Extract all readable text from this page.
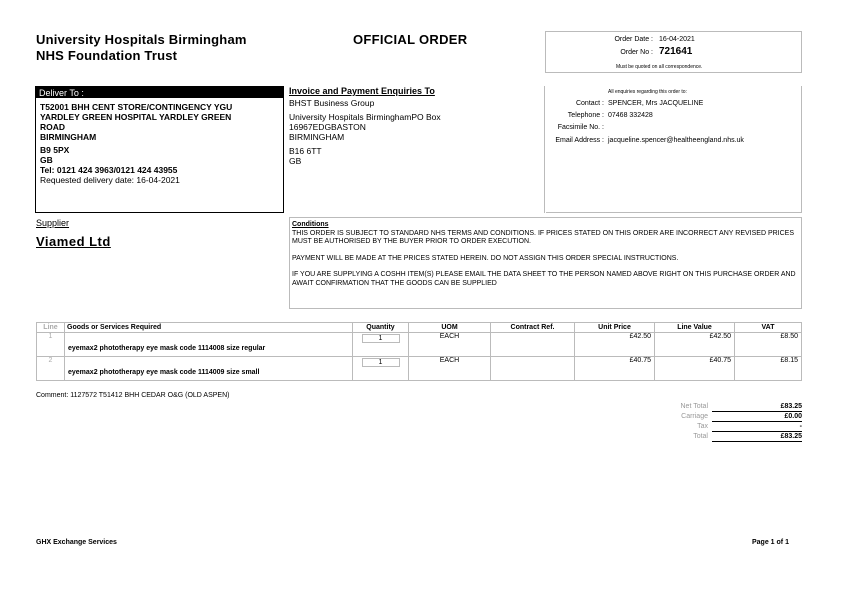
University Hospitals Birmingham
NHS Foundation Trust
OFFICIAL ORDER	Order Date : 16-04-2021
Order No : 721641
Must be quoted on all correspondence.
Deliver To :
T52001 BHH CENT STORE/CONTINGENCY YGU
YARDLEY GREEN HOSPITAL YARDLEY GREEN
ROAD
BIRMINGHAM
B9 5PX
GB
Tel: 0121 424 3963/0121 424 43955
Requested delivery date: 16-04-2021
Invoice and Payment Enquiries To
BHST Business Group
University Hospitals BirminghamPO Box
16967EDGBASTON
BIRMINGHAM
B16 6TT
GB
All enquiries regarding this order to:
Contact : SPENCER, Mrs JACQUELINE
Telephone : 07468 332428
Facsimile No. :
Email Address : jacqueline.spencer@healtheengland.nhs.uk
Supplier
Viamed Ltd
Conditions
THIS ORDER IS SUBJECT TO STANDARD NHS TERMS AND CONDITIONS. IF PRICES STATED ON THIS ORDER ARE INCORRECT ANY REVISED PRICES MUST BE AUTHORISED BY THE BUYER PRIOR TO ORDER EXECUTION.
PAYMENT WILL BE MADE AT THE PRICES STATED HEREIN. DO NOT ASSIGN THIS ORDER SPECIAL INSTRUCTIONS.
IF YOU ARE SUPPLYING A COSHH ITEM(S) PLEASE EMAIL THE DATA SHEET TO THE PERSON NAMED ABOVE RIGHT ON THIS PURCHASE ORDER AND AWAIT CONFIRMATION THAT THE GOODS CAN BE SUPPLIED
Line	Goods or Services Required	Quantity	UOM	Contract Ref.	Unit Price	Line Value	VAT
1	eyemax2 phototherapy eye mask code 1114008 size regular	1	EACH		£42.50	£42.50	£8.50
2	eyemax2 phototherapy eye mask code 1114009 size small	1	EACH		£40.75	£40.75	£8.15
Comment: 1127572 T51412 BHH CEDAR O&G (OLD ASPEN)
Net Total	£83.25
Carriage	£0.00
Tax	-
Total	£83.25
GHX Exchange Services	Page 1 of 1
